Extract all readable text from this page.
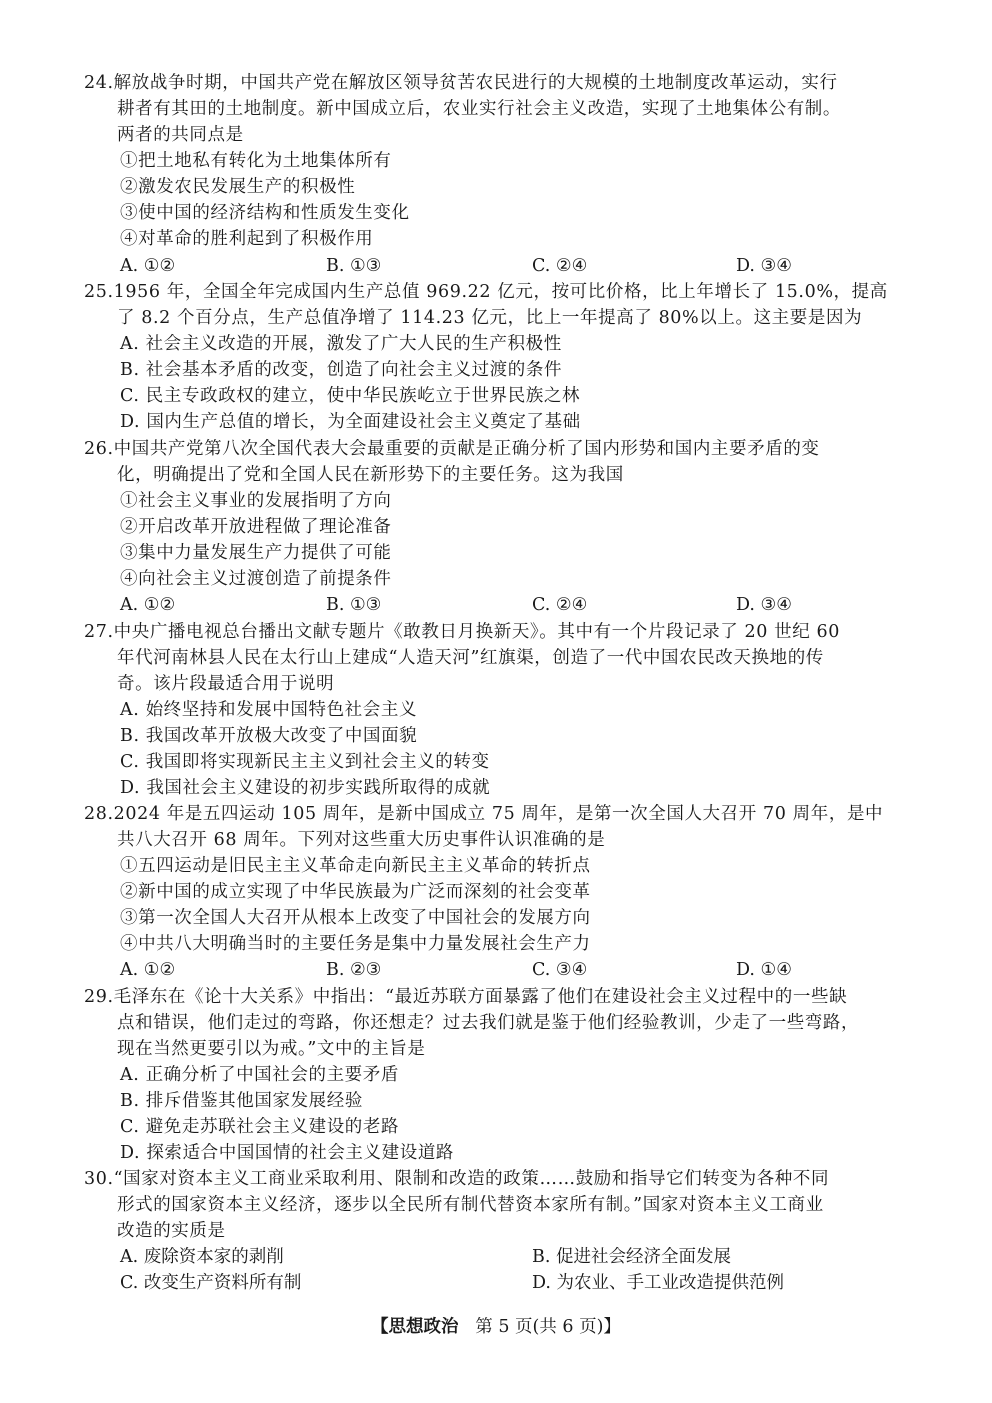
24.解放战争时期，中国共产党在解放区领导贫苦农民进行的大规模的土地制度改革运动，实行
耕者有其田的土地制度。新中国成立后，农业实行社会主义改造，实现了土地集体公有制。
两者的共同点是
①把土地私有转化为土地集体所有
②激发农民发展生产的积极性
③使中国的经济结构和性质发生变化
④对革命的胜利起到了积极作用
A. ①②	B. ①③	C. ②④	D. ③④
25.1956 年，全国全年完成国内生产总值 969.22 亿元，按可比价格，比上年增长了 15.0%，提高
了 8.2 个百分点，生产总值净增了 114.23 亿元，比上一年提高了 80%以上。这主要是因为
A. 社会主义改造的开展，激发了广大人民的生产积极性
B. 社会基本矛盾的改变，创造了向社会主义过渡的条件
C. 民主专政政权的建立，使中华民族屹立于世界民族之林
D. 国内生产总值的增长，为全面建设社会主义奠定了基础
26.中国共产党第八次全国代表大会最重要的贡献是正确分析了国内形势和国内主要矛盾的变
化，明确提出了党和全国人民在新形势下的主要任务。这为我国
①社会主义事业的发展指明了方向
②开启改革开放进程做了理论准备
③集中力量发展生产力提供了可能
④向社会主义过渡创造了前提条件
A. ①②	B. ①③	C. ②④	D. ③④
27.中央广播电视总台播出文献专题片《敢教日月换新天》。其中有一个片段记录了 20 世纪 60
年代河南林县人民在太行山上建成“人造天河”红旗渠，创造了一代中国农民改天换地的传
奇。该片段最适合用于说明
A. 始终坚持和发展中国特色社会主义
B. 我国改革开放极大改变了中国面貌
C. 我国即将实现新民主主义到社会主义的转变
D. 我国社会主义建设的初步实践所取得的成就
28.2024 年是五四运动 105 周年，是新中国成立 75 周年，是第一次全国人大召开 70 周年，是中
共八大召开 68 周年。下列对这些重大历史事件认识准确的是
①五四运动是旧民主主义革命走向新民主主义革命的转折点
②新中国的成立实现了中华民族最为广泛而深刻的社会变革
③第一次全国人大召开从根本上改变了中国社会的发展方向
④中共八大明确当时的主要任务是集中力量发展社会生产力
A. ①②	B. ②③	C. ③④	D. ①④
29.毛泽东在《论十大关系》中指出：“最近苏联方面暴露了他们在建设社会主义过程中的一些缺
点和错误，他们走过的弯路，你还想走？过去我们就是鉴于他们经验教训，少走了一些弯路，
现在当然更要引以为戒。”文中的主旨是
A. 正确分析了中国社会的主要矛盾
B. 排斥借鉴其他国家发展经验
C. 避免走苏联社会主义建设的老路
D. 探索适合中国国情的社会主义建设道路
30.“国家对资本主义工商业采取利用、限制和改造的政策……鼓励和指导它们转变为各种不同
形式的国家资本主义经济，逐步以全民所有制代替资本家所有制。”国家对资本主义工商业
改造的实质是
A. 废除资本家的剥削	B. 促进社会经济全面发展
C. 改变生产资料所有制	D. 为农业、手工业改造提供范例
【思想政治 第 5 页(共 6 页)】
